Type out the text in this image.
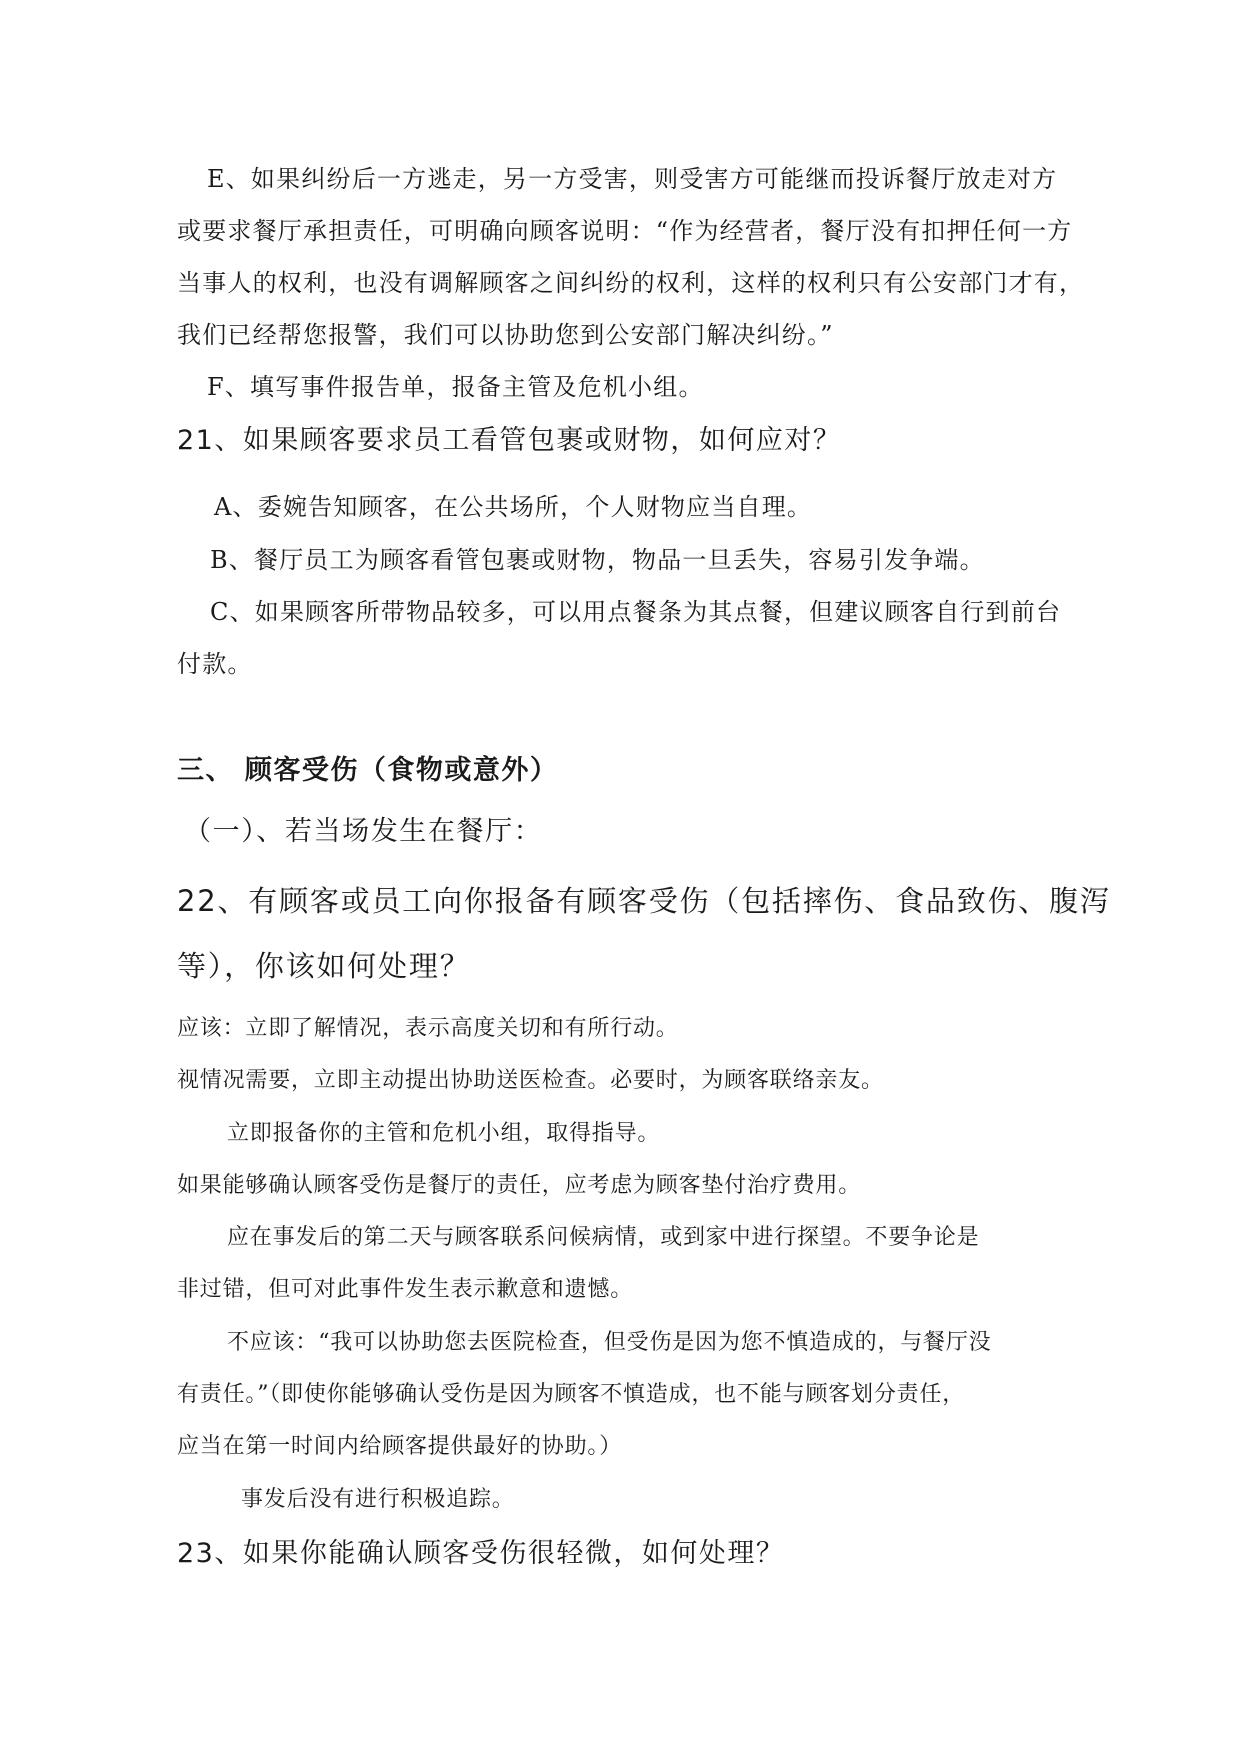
E、如果纠纷后一方逃走，另一方受害，则受害方可能继而投诉餐厅放走对方

或要求餐厅承担责任，可明确向顾客说明：“作为经营者，餐厅没有扣押任何一方

当事人的权利，也没有调解顾客之间纠纷的权利，这样的权利只有公安部门才有，

我们已经帮您报警，我们可以协助您到公安部门解决纠纷。”

F、填写事件报告单，报备主管及危机小组。

21、如果顾客要求员工看管包裹或财物，如何应对？

A、委婉告知顾客，在公共场所，个人财物应当自理。

B、餐厅员工为顾客看管包裹或财物，物品一旦丢失，容易引发争端。

C、如果顾客所带物品较多，可以用点餐条为其点餐，但建议顾客自行到前台

付款。

三、 顾客受伤（食物或意外）

（一）、若当场发生在餐厅：

22、有顾客或员工向你报备有顾客受伤（包括摔伤、食品致伤、腹泻

等），你该如何处理？

应该：立即了解情况，表示高度关切和有所行动。

视情况需要，立即主动提出协助送医检查。必要时，为顾客联络亲友。

立即报备你的主管和危机小组，取得指导。

如果能够确认顾客受伤是餐厅的责任，应考虑为顾客垫付治疗费用。

应在事发后的第二天与顾客联系问候病情，或到家中进行探望。不要争论是

非过错，但可对此事件发生表示歉意和遗憾。

不应该：“我可以协助您去医院检查，但受伤是因为您不慎造成的，与餐厅没

有责任。”（即使你能够确认受伤是因为顾客不慎造成，也不能与顾客划分责任，

应当在第一时间内给顾客提供最好的协助。）

事发后没有进行积极追踪。

23、如果你能确认顾客受伤很轻微，如何处理？
